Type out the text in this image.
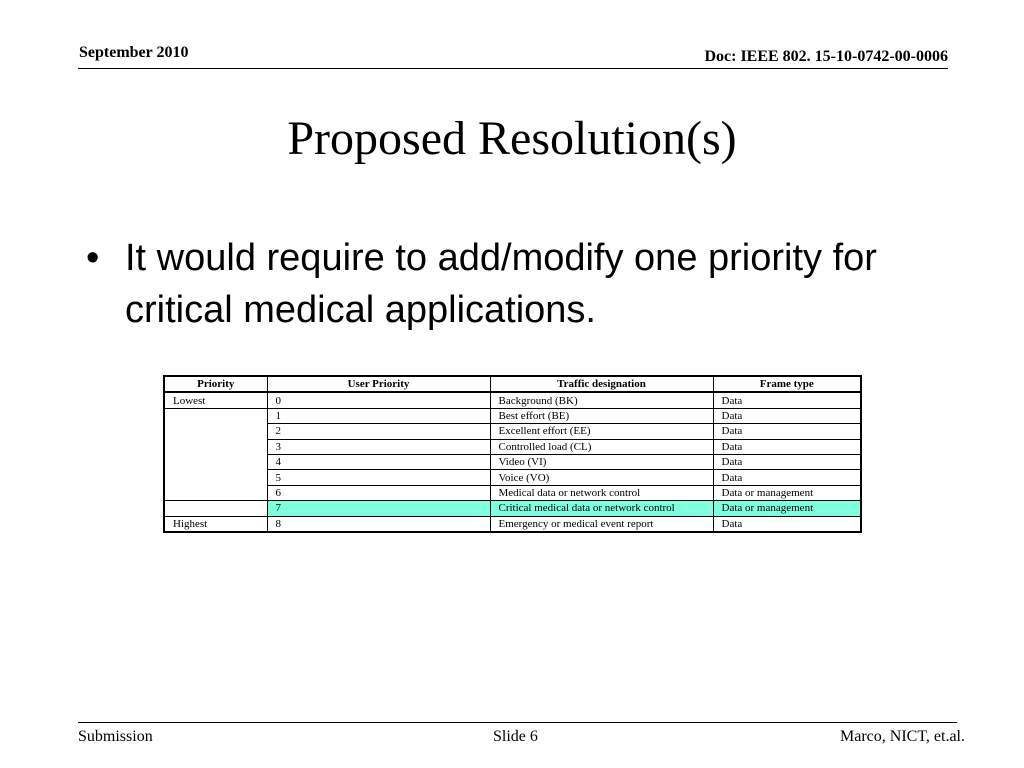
September 2010	Doc: IEEE 802. 15-10-0742-00-0006
Proposed Resolution(s)
• It would require to add/modify one priority for critical medical applications.
Priority	User Priority	Traffic designation	Frame type
Lowest	0	Background (BK)	Data
	1	Best effort (BE)	Data
	2	Excellent effort (EE)	Data
	3	Controlled load (CL)	Data
	4	Video (VI)	Data
	5	Voice (VO)	Data
	6	Medical data or network control	Data or management
	7	Critical medical data or network control	Data or management
Highest	8	Emergency or medical event report	Data
Submission	Slide 6	Marco, NICT, et.al.
